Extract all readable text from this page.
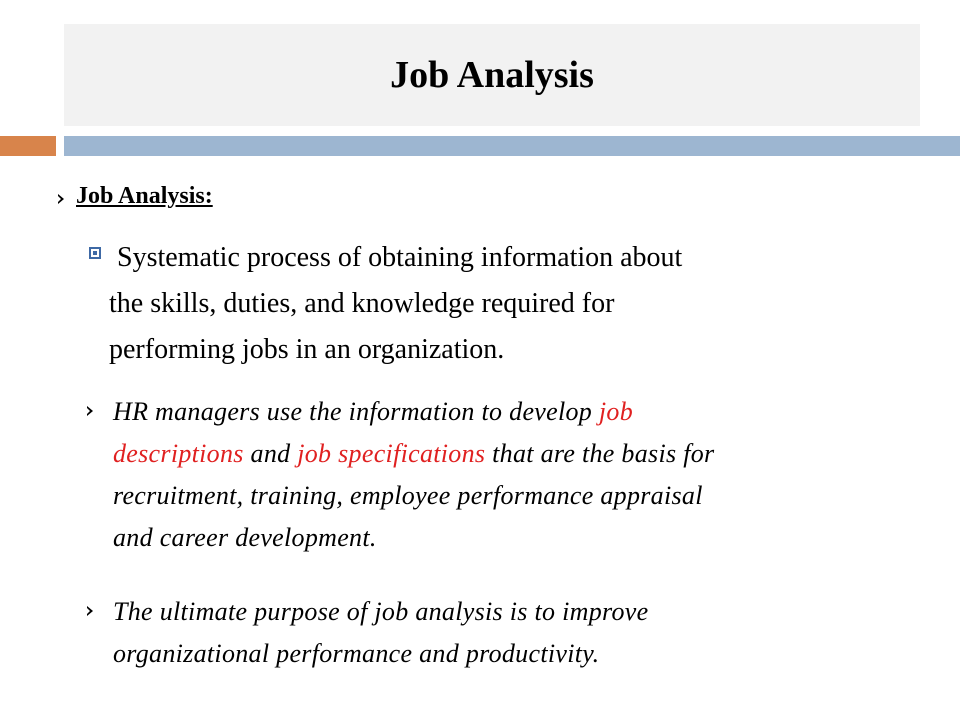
Job Analysis
Job Analysis:
Systematic process of obtaining information about
the skills, duties, and knowledge required for
performing jobs in an organization.
HR managers use the information to develop job
descriptions and job specifications that are the basis for
recruitment, training, employee performance appraisal
and career development.
The ultimate purpose of job analysis is to improve
organizational performance and productivity.
